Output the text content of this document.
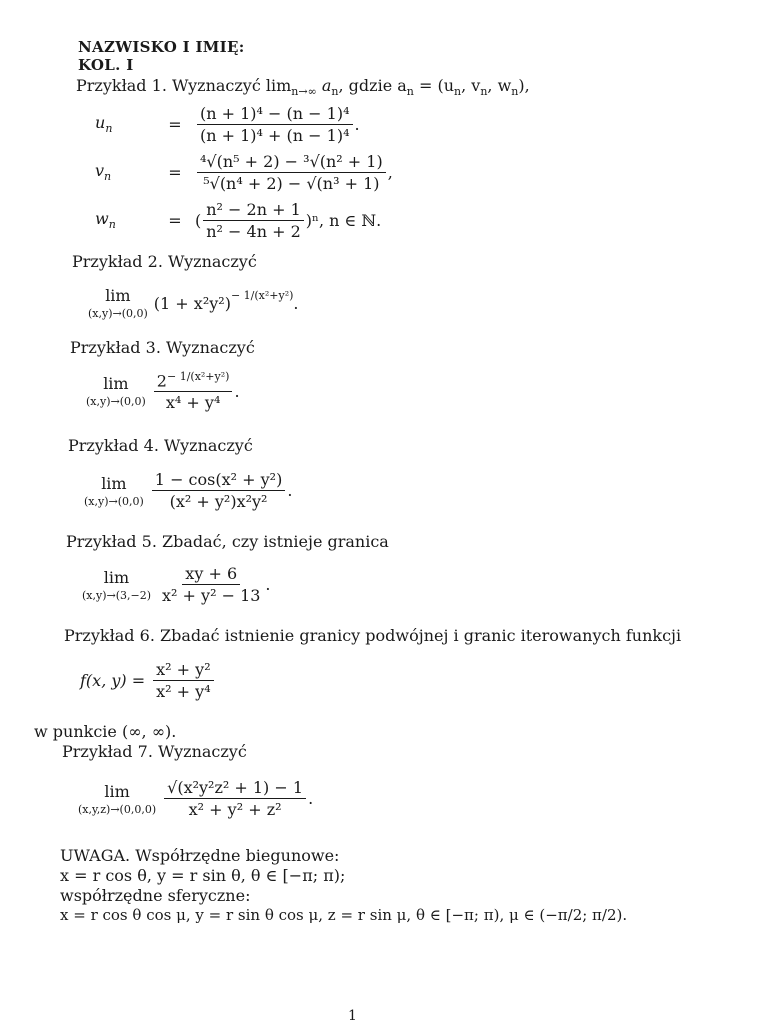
NAZWISKO I IMIĘ:
KOL. I
Przykład 1. Wyznaczyć $\lim_{n\to\infty} a_n$, gdzie $a_n = (u_n$, $v_n$, $w_n$),
$u_n$	= $\frac{\text{(n + 1)⁴ − (n − 1)⁴}}{\text{(n + 1)⁴ + (n − 1)⁴}}$ .
$v_n$	= $\frac{\text{⁴√(n⁵ + 2) − ³√(n² + 1)}}{\text{⁵√(n⁴ + 2) − √(n³ + 1)}}$ ,
$w_n$	= ( $\frac{\text{n² − 2n + 1}}{\text{n² − 4n + 2}} )^n$, n ∈ ℕ.
Przykład 2. Wyznaczyć
lim
(x,y)→(0,0)
$(1 + x^2y^2)^{- 1/(x^2+y^2)}$ .
Przykład 3. Wyznaczyć
lim
$(x,y)\to(0,0) \frac{2^{- 1/(x^2+y^2)}}{\text{x⁴ + y⁴}}$ .
Przykład 4. Wyznaczyć
lim
$(x,y)\to(0,0) \frac{\text{1 − cos(x² + y²)}}{\text{(x² + y²)x²y²}}$ .
Przykład 5. Zbadać, czy istnieje granica
lim
$(x,y)\to(3,-2) \frac{xy + 6}{\text{x² + y² − 13}}$ .
Przykład 6. Zbadać istnienie granicy podwójnej i granic iterowanych funkcji
f(x, $y) = \frac{\text{x² + y²}}{\text{x² + y⁴}}$
w punkcie (∞, ∞).
Przykład 7. Wyznaczyć
lim
$(x,y,z)\to(0,0,0) \frac{\text{√(x²y²z² + 1) − 1}}{\text{x² + y² + z²}}$ .
UWAGA. Współrzędne biegunowe:
x = r cos θ, y = r sin θ, θ ∈ [−π; π);
współrzędne sferyczne:
x = r cos θ cos μ, y = r sin θ cos μ, z = r sin μ, θ ∈ [−π; π), μ ∈ (−π/2; π/2).
1
